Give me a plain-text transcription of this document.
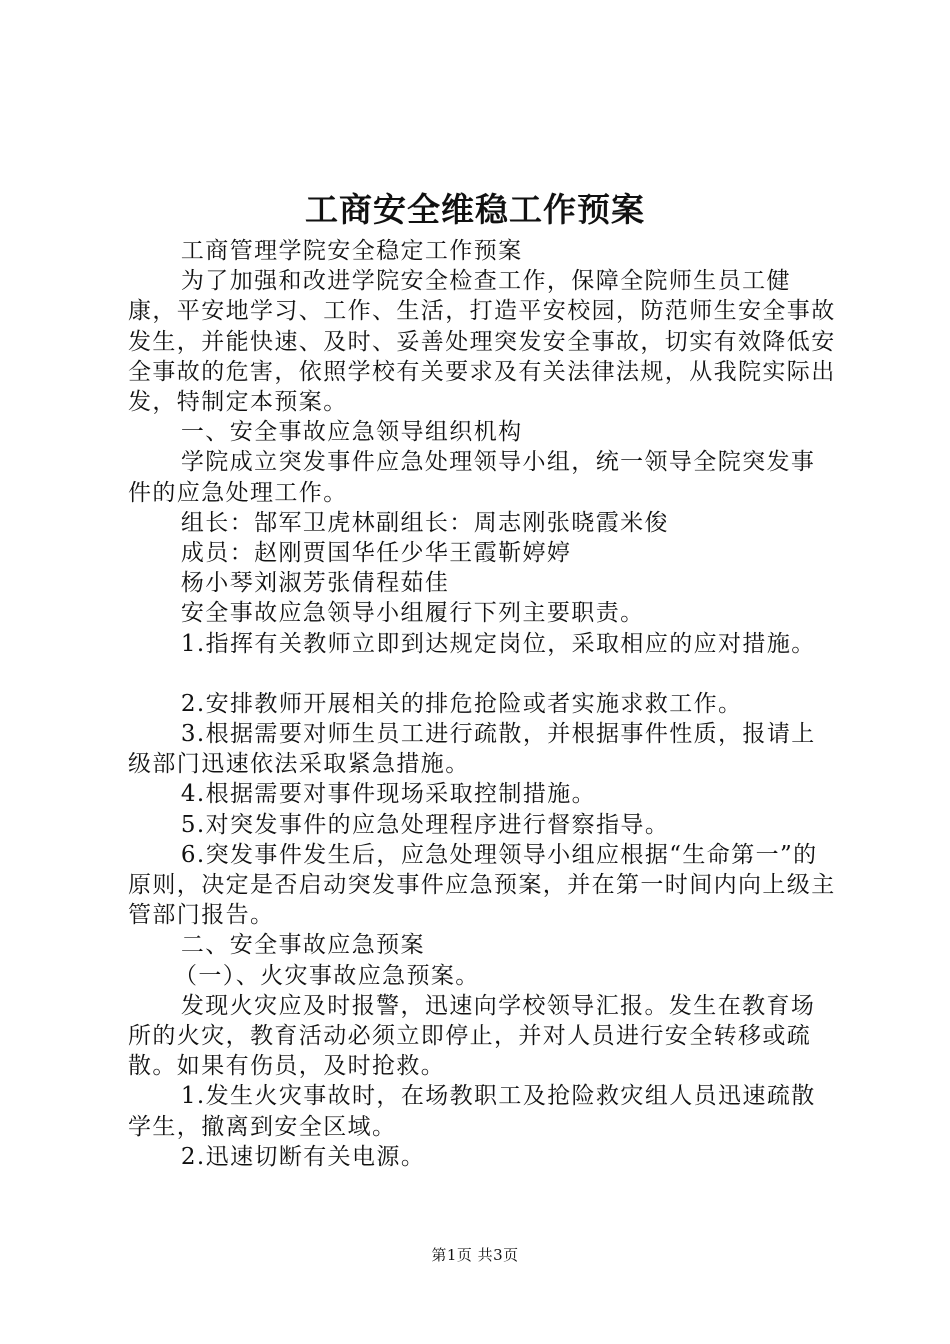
工商安全维稳工作预案

工商管理学院安全稳定工作预案

为了加强和改进学院安全检查工作，保障全院师生员工健康，平安地学习、工作、生活，打造平安校园，防范师生安全事故发生，并能快速、及时、妥善处理突发安全事故，切实有效降低安全事故的危害，依照学校有关要求及有关法律法规，从我院实际出发，特制定本预案。

一、安全事故应急领导组织机构

学院成立突发事件应急处理领导小组，统一领导全院突发事件的应急处理工作。

组长：郜军卫虎林副组长：周志刚张晓霞米俊

成员：赵刚贾国华任少华王霞靳婷婷

杨小琴刘淑芳张倩程茹佳

安全事故应急领导小组履行下列主要职责。

1.指挥有关教师立即到达规定岗位，采取相应的应对措施。

2.安排教师开展相关的排危抢险或者实施求救工作。

3.根据需要对师生员工进行疏散，并根据事件性质，报请上级部门迅速依法采取紧急措施。

4.根据需要对事件现场采取控制措施。

5.对突发事件的应急处理程序进行督察指导。

6.突发事件发生后，应急处理领导小组应根据“生命第一”的原则，决定是否启动突发事件应急预案，并在第一时间内向上级主管部门报告。

二、安全事故应急预案

（一）、火灾事故应急预案。

发现火灾应及时报警，迅速向学校领导汇报。发生在教育场所的火灾，教育活动必须立即停止，并对人员进行安全转移或疏散。如果有伤员，及时抢救。

1.发生火灾事故时，在场教职工及抢险救灾组人员迅速疏散学生，撤离到安全区域。

2.迅速切断有关电源。

第1页 共3页
